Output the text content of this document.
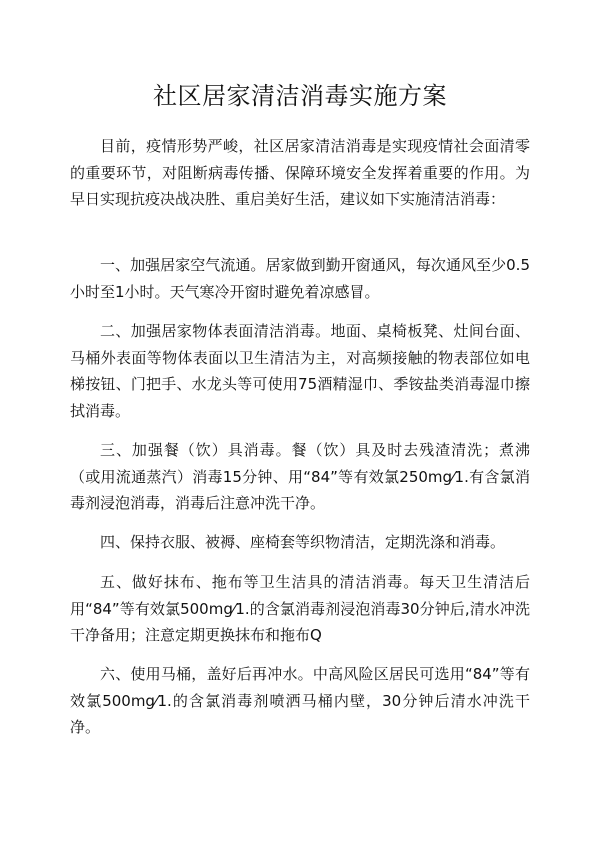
社区居家清洁消毒实施方案

目前，疫情形势严峻，社区居家清洁消毒是实现疫情社会面清零的重要环节，对阻断病毒传播、保障环境安全发挥着重要的作用。为早日实现抗疫决战决胜、重启美好生活，建议如下实施清洁消毒：

一、加强居家空气流通。居家做到勤开窗通风，每次通风至少0.5小时至1小时。天气寒冷开窗时避免着凉感冒。

二、加强居家物体表面清洁消毒。地面、桌椅板凳、灶间台面、马桶外表面等物体表面以卫生清洁为主，对高频接触的物表部位如电梯按钮、门把手、水龙头等可使用75酒精湿巾、季铵盐类消毒湿巾擦拭消毒。

三、加强餐（饮）具消毒。餐（饮）具及时去残渣清洗；煮沸（或用流通蒸汽）消毒15分钟、用“84”等有效氯250mg⁄1.有含氯消毒剂浸泡消毒，消毒后注意冲洗干净。

四、保持衣服、被褥、座椅套等织物清洁，定期洗涤和消毒。

五、做好抹布、拖布等卫生洁具的清洁消毒。每天卫生清洁后用“84”等有效氯500mg⁄1.的含氯消毒剂浸泡消毒30分钟后,清水冲洗干净备用；注意定期更换抹布和拖布Q

六、使用马桶，盖好后再冲水。中高风险区居民可选用“84”等有效氯500mg⁄1.的含氯消毒剂喷洒马桶内壁，30分钟后清水冲洗干净。
